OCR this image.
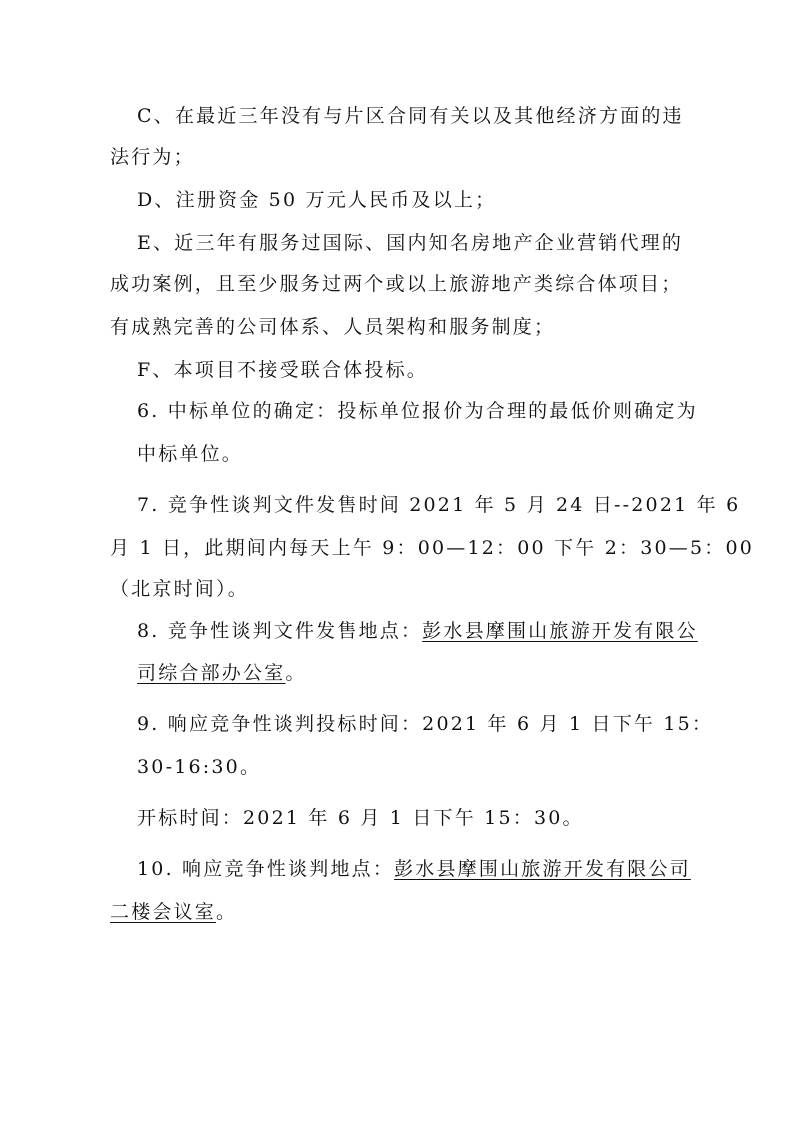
C、在最近三年没有与片区合同有关以及其他经济方面的违
法行为；
D、注册资金 50 万元人民币及以上；
E、近三年有服务过国际、国内知名房地产企业营销代理的
成功案例，且至少服务过两个或以上旅游地产类综合体项目；
有成熟完善的公司体系、人员架构和服务制度；
F、本项目不接受联合体投标。
6. 中标单位的确定：投标单位报价为合理的最低价则确定为
中标单位。
7. 竞争性谈判文件发售时间 2021 年 5 月 24 日--2021 年 6
月 1 日，此期间内每天上午 9：00—12：00 下午 2：30—5：00
（北京时间）。
8. 竞争性谈判文件发售地点：彭水县摩围山旅游开发有限公
司综合部办公室。
9. 响应竞争性谈判投标时间：2021 年 6 月 1 日下午 15：
30-16:30。
开标时间：2021 年 6 月 1 日下午 15：30。
10. 响应竞争性谈判地点：彭水县摩围山旅游开发有限公司
二楼会议室。
